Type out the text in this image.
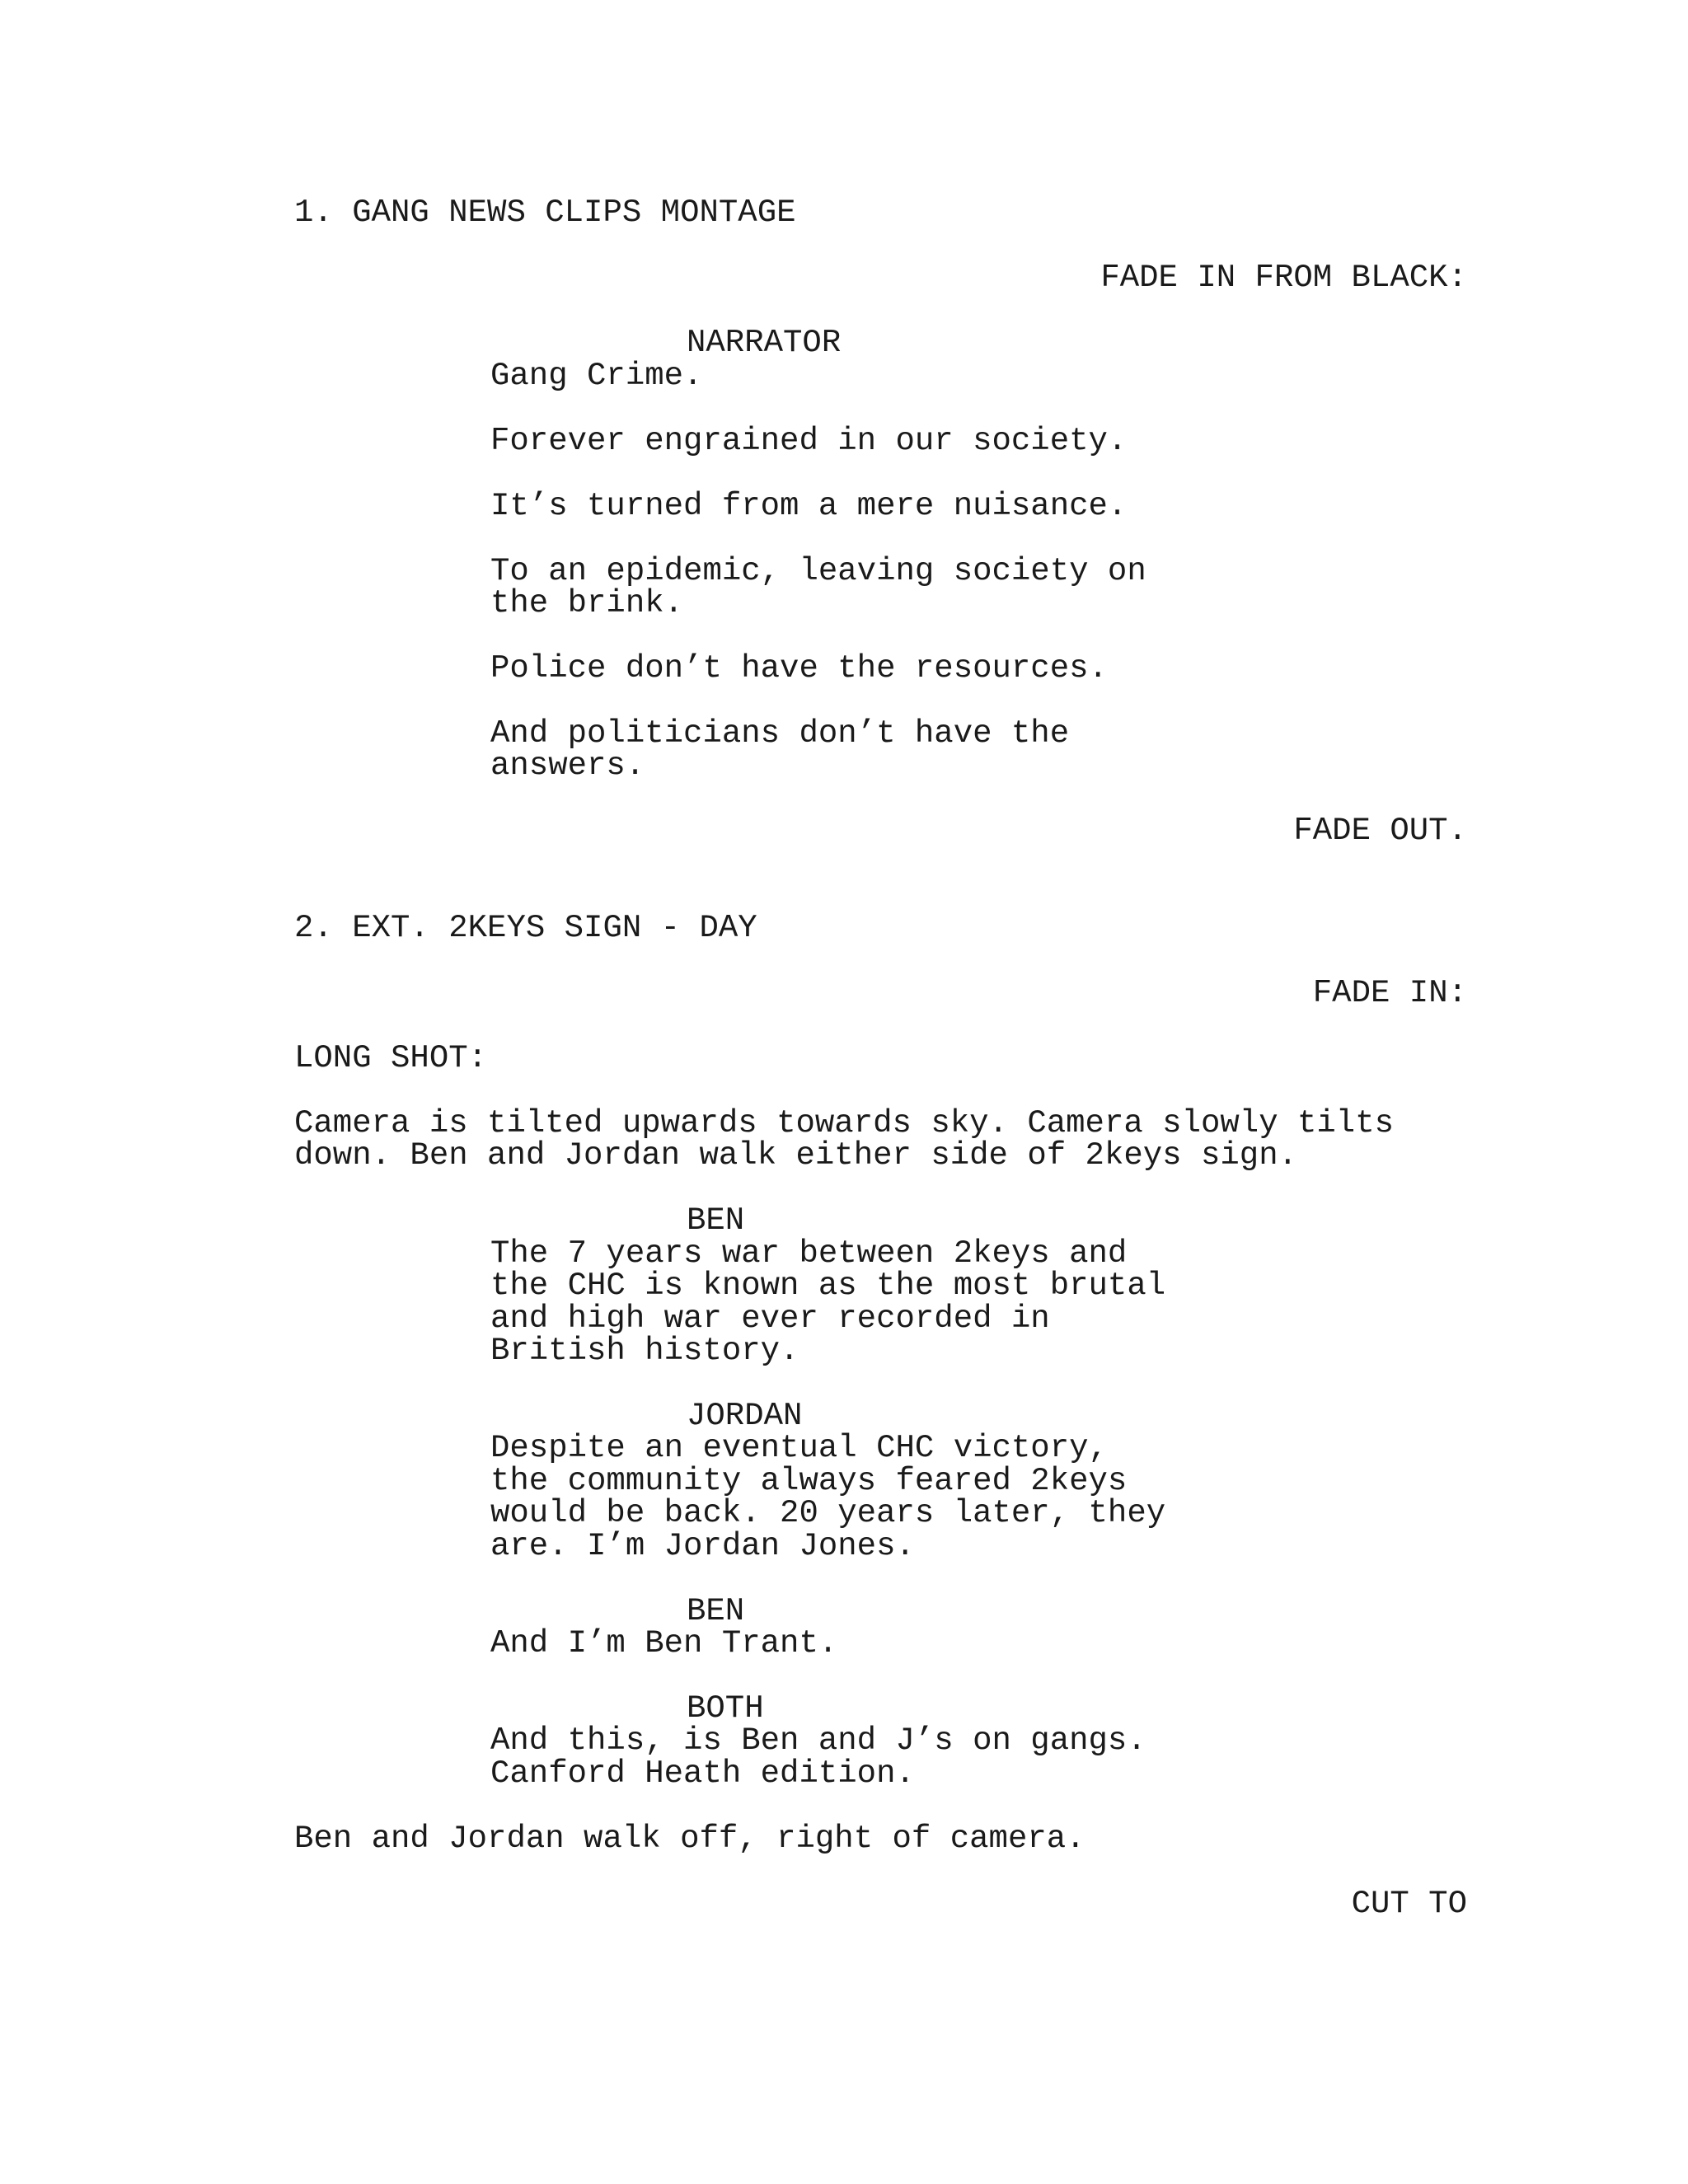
1. GANG NEWS CLIPS MONTAGE
FADE IN FROM BLACK:
NARRATOR
Gang Crime.
Forever engrained in our society.
It’s turned from a mere nuisance.
To an epidemic, leaving society on
the brink.
Police don’t have the resources.
And politicians don’t have the
answers.
FADE OUT.
2. EXT. 2KEYS SIGN - DAY
FADE IN:
LONG SHOT:
Camera is tilted upwards towards sky. Camera slowly tilts
down. Ben and Jordan walk either side of 2keys sign.
BEN
The 7 years war between 2keys and
the CHC is known as the most brutal
and high war ever recorded in
British history.
JORDAN
Despite an eventual CHC victory,
the community always feared 2keys
would be back. 20 years later, they
are. I’m Jordan Jones.
BEN
And I’m Ben Trant.
BOTH
And this, is Ben and J’s on gangs.
Canford Heath edition.
Ben and Jordan walk off, right of camera.
CUT TO
